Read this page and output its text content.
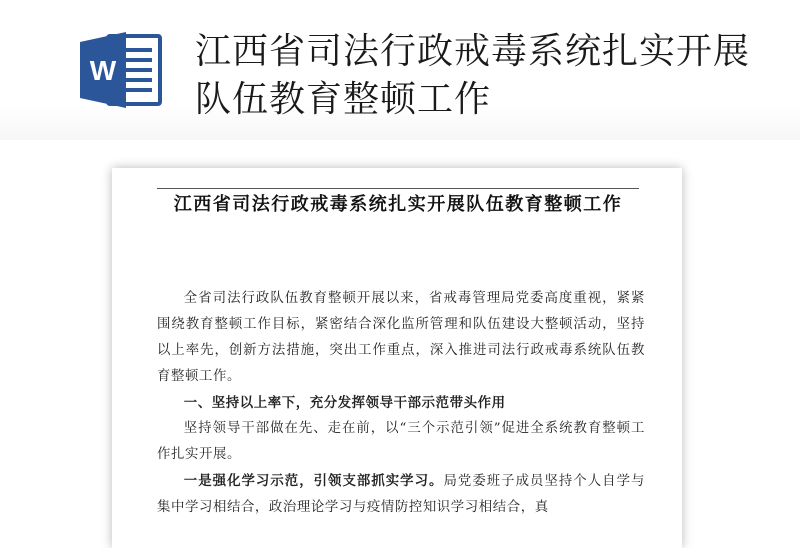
W 江西省司法行政戒毒系统扎实开展队伍教育整顿工作
江西省司法行政戒毒系统扎实开展队伍教育整顿工作

全省司法行政队伍教育整顿开展以来，省戒毒管理局党委高度重视，紧紧围绕教育整顿工作目标，紧密结合深化监所管理和队伍建设大整顿活动，坚持以上率先，创新方法措施，突出工作重点，深入推进司法行政戒毒系统队伍教育整顿工作。

一、坚持以上率下，充分发挥领导干部示范带头作用

坚持领导干部做在先、走在前，以“三个示范引领”促进全系统教育整顿工作扎实开展。

一是强化学习示范，引领支部抓实学习。局党委班子成员坚持个人自学与集中学习相结合，政治理论学习与疫情防控知识学习相结合，真
